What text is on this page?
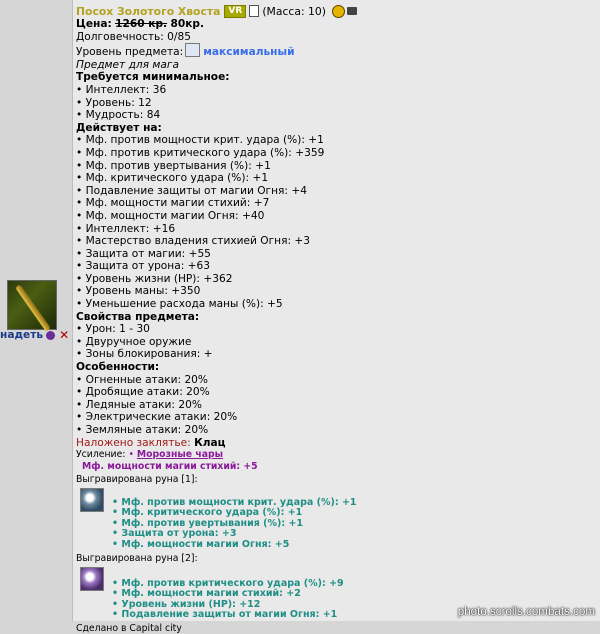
надеть ✕
Посох Золотого Хвоста VR	(Масса: 10)
Цена: 1260 кр. 80кр.
Долговечность: 0/85
Уровень предмета: максимальный
Предмет для мага
Требуется минимальное:
• Интеллект: 36
• Уровень: 12
• Мудрость: 84
Действует на:
• Мф. против мощности крит. удара (%): +1
• Мф. против критического удара (%): +359
• Мф. против увертывания (%): +1
• Мф. критического удара (%): +1
• Подавление защиты от магии Огня: +4
• Мф. мощности магии стихий: +7
• Мф. мощности магии Огня: +40
• Интеллект: +16
• Мастерство владения стихией Огня: +3
• Защита от магии: +55
• Защита от урона: +63
• Уровень жизни (HP): +362
• Уровень маны: +350
• Уменьшение расхода маны (%): +5
Свойства предмета:
• Урон: 1 - 30
• Двуручное оружие
• Зоны блокирования: +
Особенности:
• Огненные атаки: 20%
• Дробящие атаки: 20%
• Ледяные атаки: 20%
• Электрические атаки: 20%
• Земляные атаки: 20%
Наложено заклятье: Клац
Усиление: • Морозные чары
Мф. мощности магии стихий: +5
Выгравирована руна [1]:
• Мф. против мощности крит. удара (%): +1
• Мф. критического удара (%): +1
• Мф. против увертывания (%): +1
• Защита от урона: +3
• Мф. мощности магии Огня: +5
Выгравирована руна [2]:
• Мф. против критического удара (%): +9
• Мф. мощности магии стихий: +2
• Уровень жизни (HP): +12
• Подавление защиты от магии Огня: +1
Сделано в Capital city
photo.scrolls.combats.com
